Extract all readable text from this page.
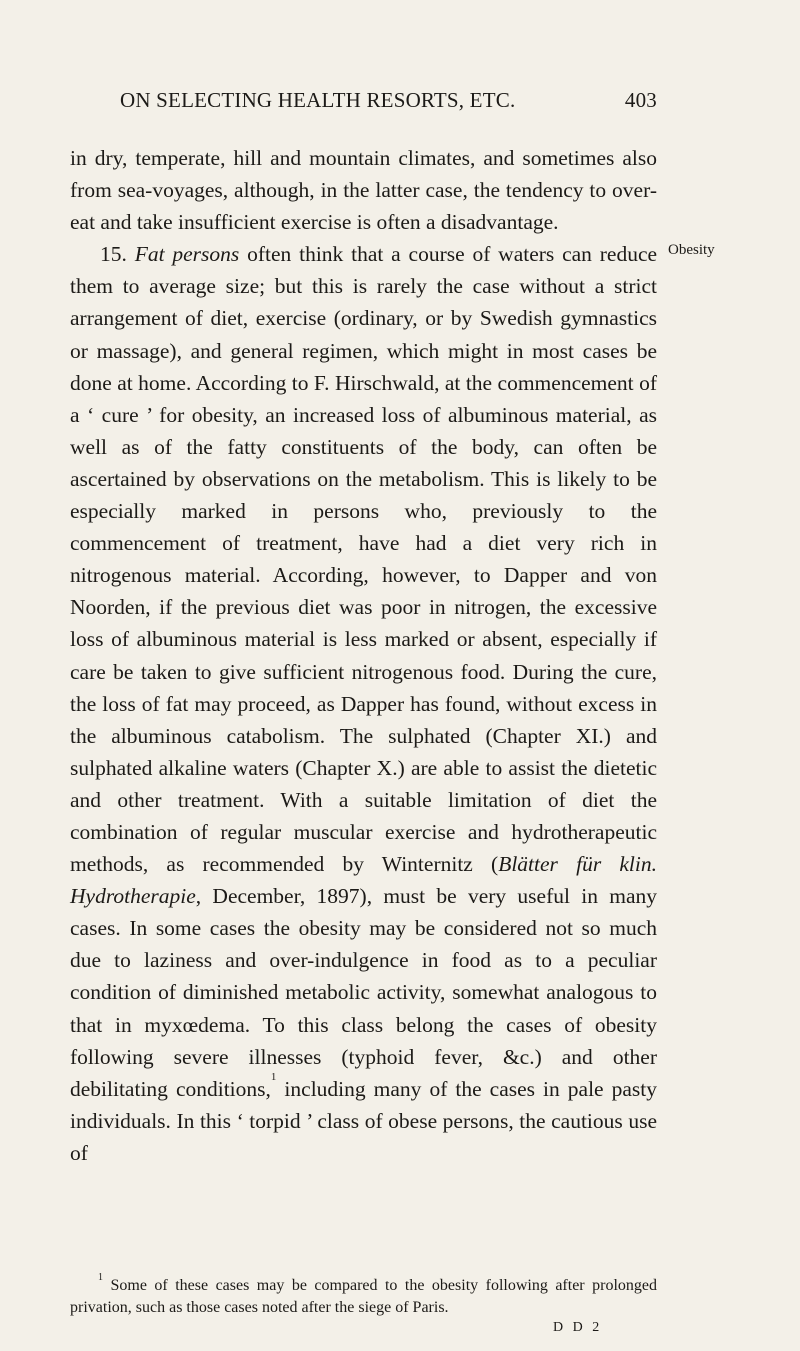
ON SELECTING HEALTH RESORTS, ETC.	403
Obesity

in dry, temperate, hill and mountain climates, and sometimes also from sea-voyages, although, in the latter case, the tendency to over-eat and take insufficient exercise is often a disadvantage.

15. Fat persons often think that a course of waters can reduce them to average size; but this is rarely the case without a strict arrangement of diet, exercise (ordinary, or by Swedish gymnastics or massage), and general regimen, which might in most cases be done at home. According to F. Hirschwald, at the commencement of a ‘ cure ’ for obesity, an increased loss of albuminous material, as well as of the fatty constituents of the body, can often be ascertained by observations on the metabolism. This is likely to be especially marked in persons who, previously to the commencement of treatment, have had a diet very rich in nitrogenous material. According, however, to Dapper and von Noorden, if the previous diet was poor in nitrogen, the excessive loss of albuminous material is less marked or absent, especially if care be taken to give sufficient nitrogenous food. During the cure, the loss of fat may proceed, as Dapper has found, without excess in the albuminous catabolism. The sulphated (Chapter XI.) and sulphated alkaline waters (Chapter X.) are able to assist the dietetic and other treatment. With a suitable limitation of diet the combination of regular muscular exercise and hydrotherapeutic methods, as recommended by Winternitz (Blätter für klin. Hydrotherapie, December, 1897), must be very useful in many cases. In some cases the obesity may be considered not so much due to laziness and over-indulgence in food as to a peculiar condition of diminished metabolic activity, somewhat analogous to that in myxœdema. To this class belong the cases of obesity following severe illnesses (typhoid fever, &c.) and other debilitating conditions,$^1$ including many of the cases in pale pasty individuals. In this ‘ torpid ’ class of obese persons, the cautious use of

$^1$ Some of these cases may be compared to the obesity following after prolonged privation, such as those cases noted after the siege of Paris.
D D 2
